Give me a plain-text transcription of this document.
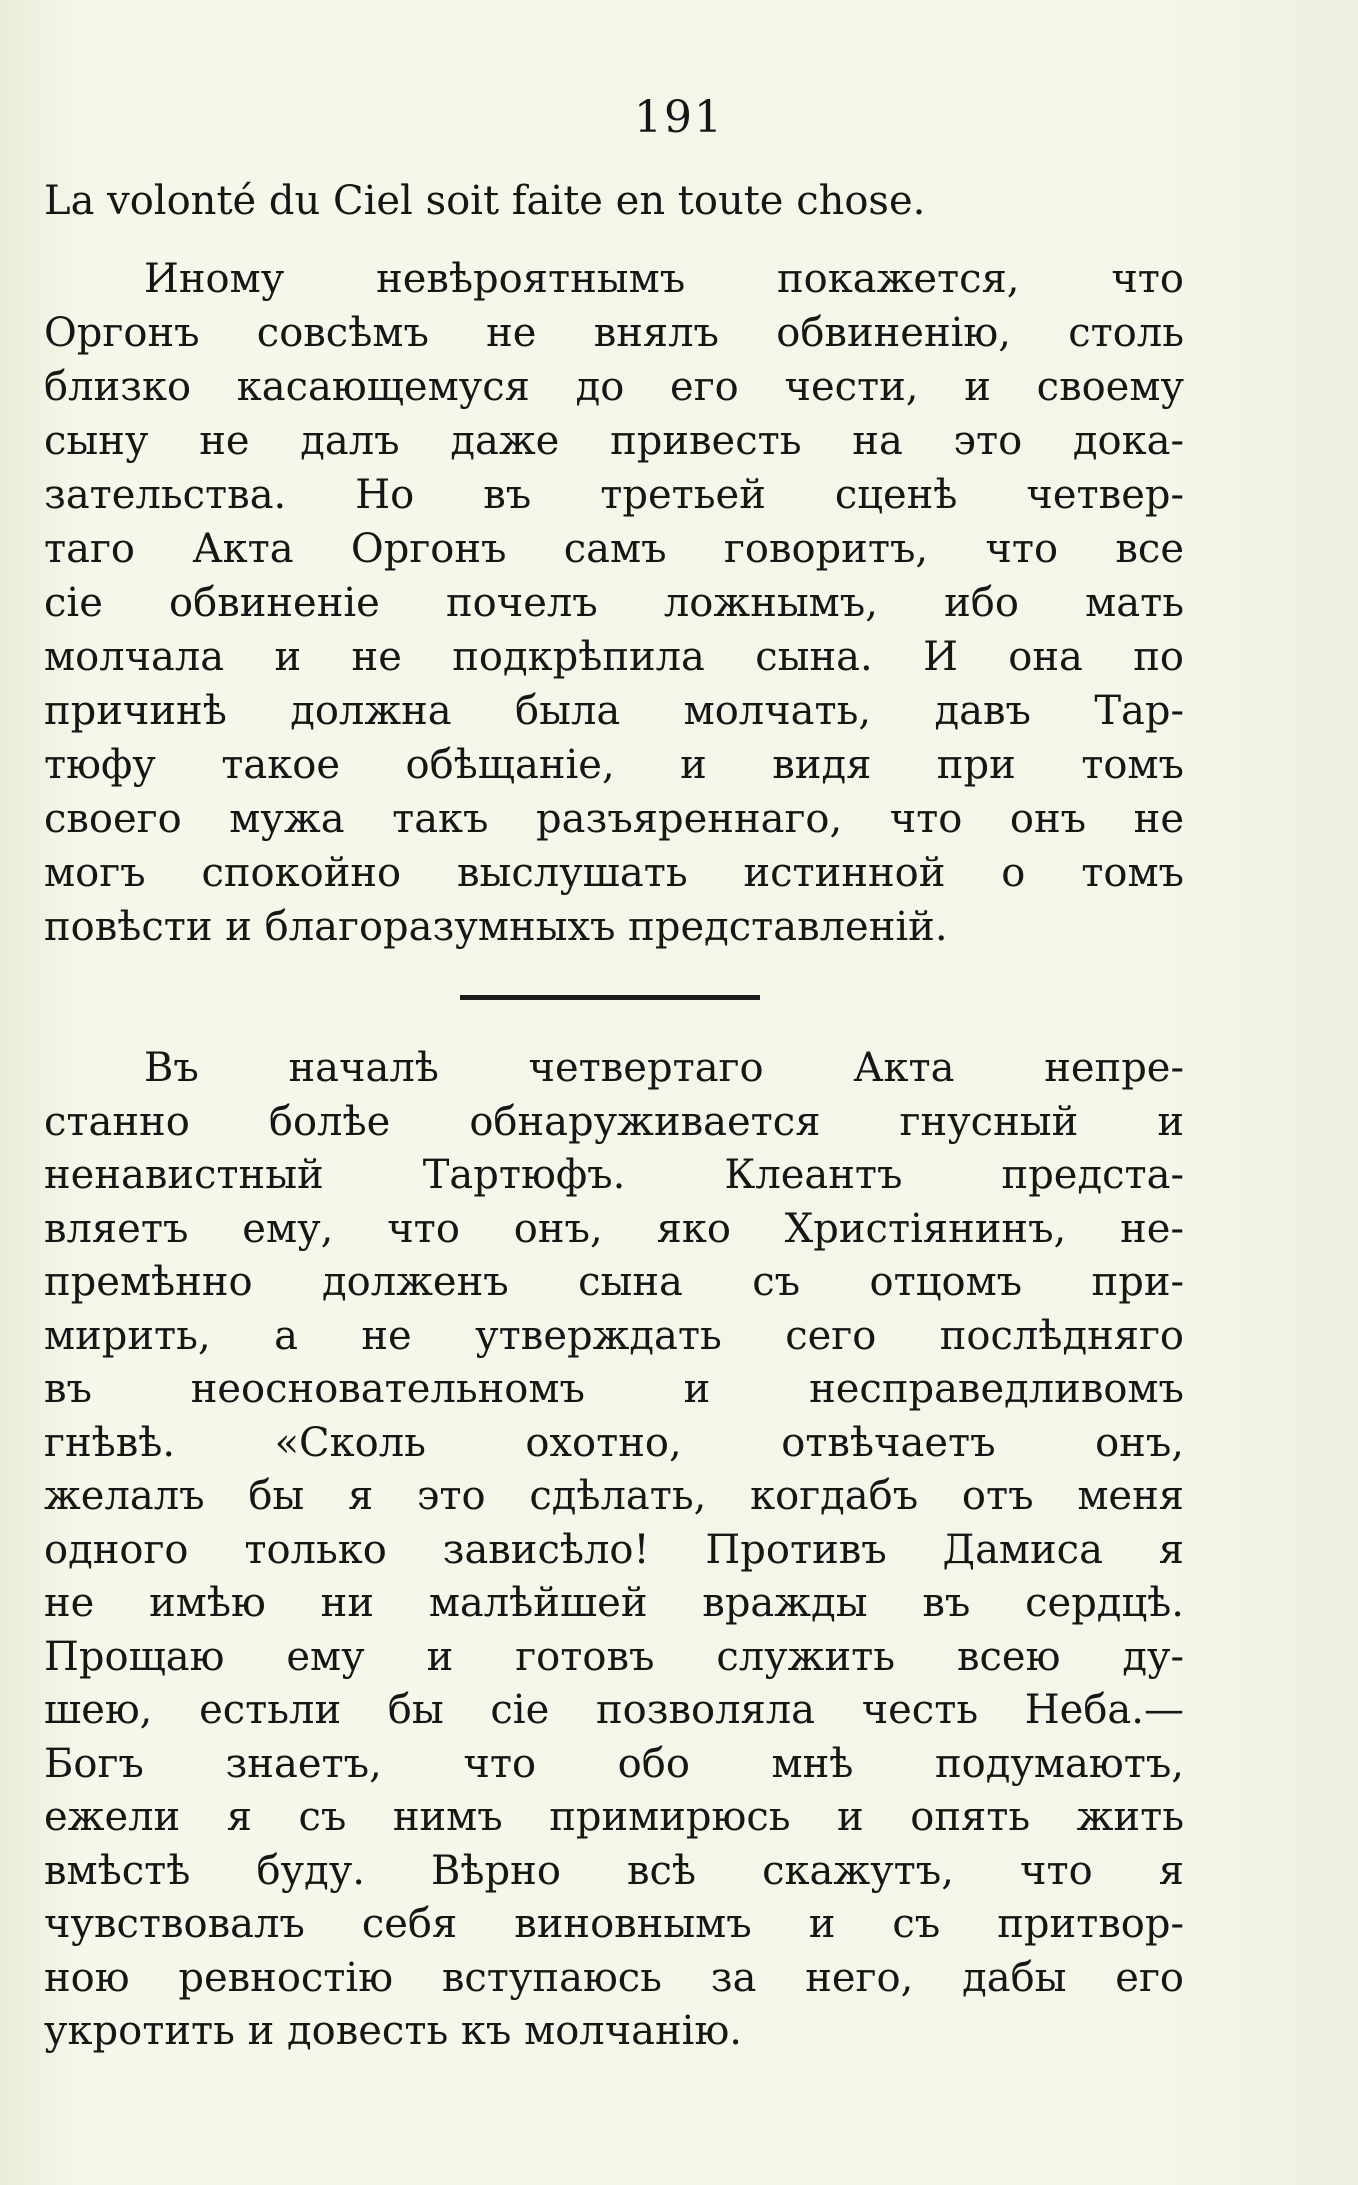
191
La volonté du Ciel soit faite en toute chose.
Иному невѣроятнымъ покажется, что
Оргонъ совсѣмъ не внялъ обвиненію, столь
близко касающемуся до его чести, и своему
сыну не далъ даже привесть на это дока-
зательства. Но въ третьей сценѣ четвер-
таго Акта Оргонъ самъ говоритъ, что все
сіе обвиненіе почелъ ложнымъ, ибо мать
молчала и не подкрѣпила сына. И она по
причинѣ должна была молчать, давъ Тар-
тюфу такое обѣщаніе, и видя при томъ
своего мужа такъ разъяреннаго, что онъ не
могъ спокойно выслушать истинной о томъ
повѣсти и благоразумныхъ представленій.
Въ началѣ четвертаго Акта непре-
станно болѣе обнаруживается гнусный и
ненавистный Тартюфъ. Клеантъ предста-
вляетъ ему, что онъ, яко Христіянинъ, не-
премѣнно долженъ сына съ отцомъ при-
мирить, а не утверждать сего послѣдняго
въ неосновательномъ и несправедливомъ
гнѣвѣ. «Сколь охотно, отвѣчаетъ онъ,
желалъ бы я это сдѣлать, когдабъ отъ меня
одного только зависѣло! Противъ Дамиса я
не имѣю ни малѣйшей вражды въ сердцѣ.
Прощаю ему и готовъ служить всею ду-
шею, естьли бы сіе позволяла честь Неба.—
Богъ знаетъ, что обо мнѣ подумаютъ,
ежели я съ нимъ примирюсь и опять жить
вмѣстѣ буду. Вѣрно всѣ скажутъ, что я
чувствовалъ себя виновнымъ и съ притвор-
ною ревностію вступаюсь за него, дабы его
укротить и довесть къ молчанію.
